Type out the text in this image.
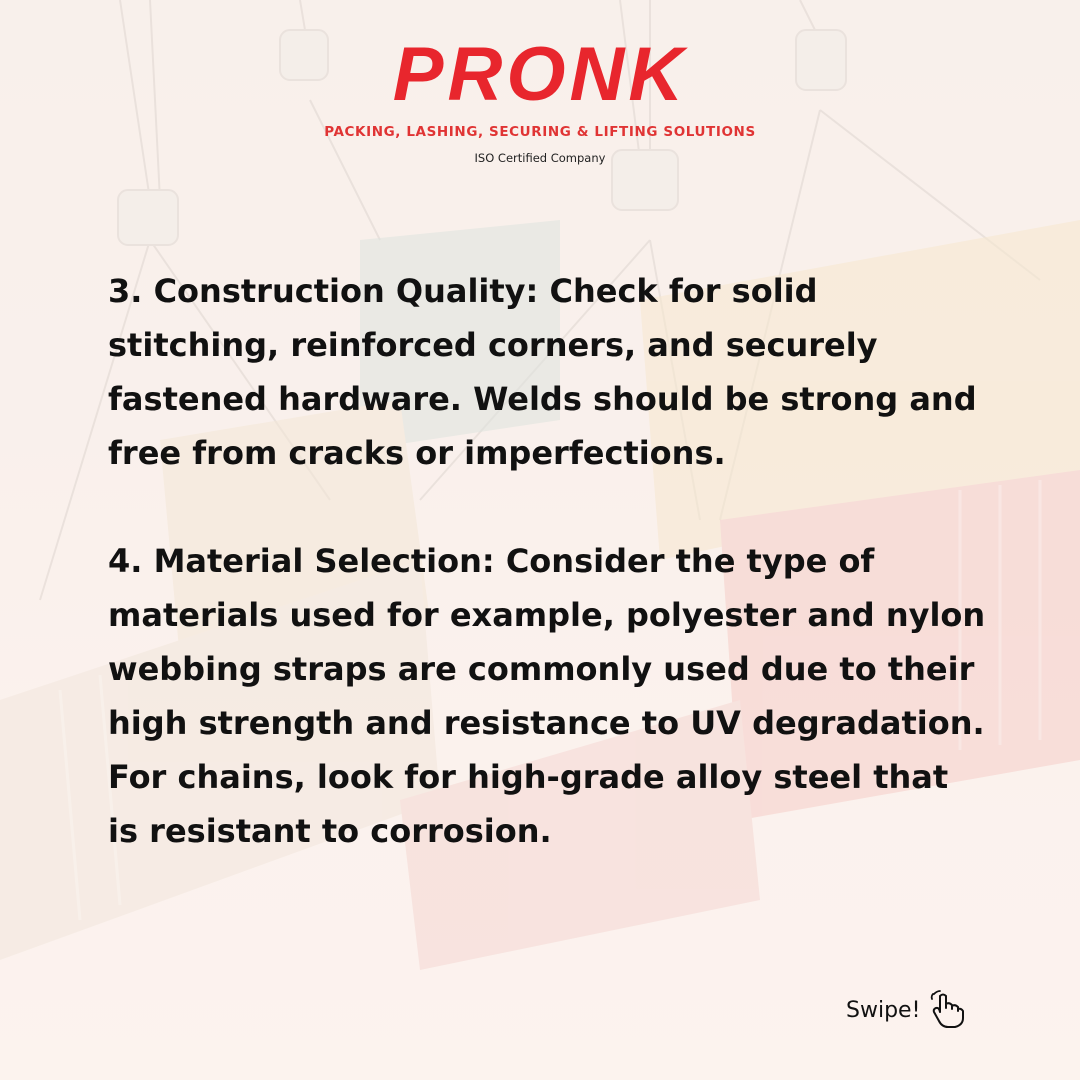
PRONK
PACKING, LASHING, SECURING & LIFTING SOLUTIONS
ISO Certified Company

3. Construction Quality: Check for solid stitching, reinforced corners, and securely fastened hardware. Welds should be strong and free from cracks or imperfections.

4. Material Selection: Consider the type of materials used for example, polyester and nylon webbing straps are commonly used due to their high strength and resistance to UV degradation. For chains, look for high-grade alloy steel that is resistant to corrosion.

Swipe!
